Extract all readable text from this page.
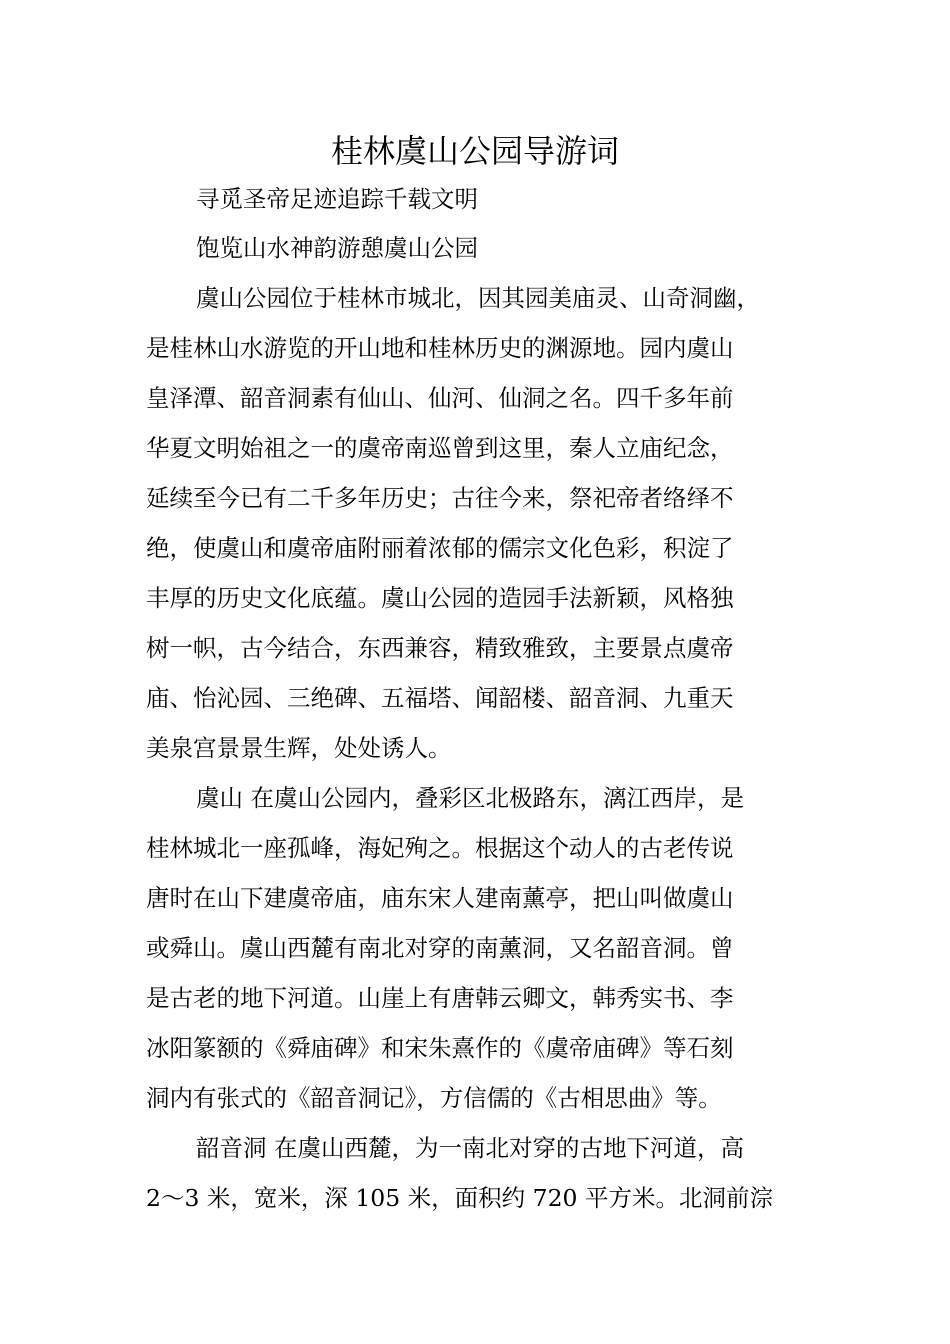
桂林虞山公园导游词

寻觅圣帝足迹追踪千载文明

饱览山水神韵游憩虞山公园

虞山公园位于桂林市城北，因其园美庙灵、山奇洞幽，

是桂林山水游览的开山地和桂林历史的渊源地。园内虞山

皇泽潭、韶音洞素有仙山、仙河、仙洞之名。四千多年前

华夏文明始祖之一的虞帝南巡曾到这里，秦人立庙纪念，

延续至今已有二千多年历史；古往今来，祭祀帝者络绎不

绝，使虞山和虞帝庙附丽着浓郁的儒宗文化色彩，积淀了

丰厚的历史文化底蕴。虞山公园的造园手法新颖，风格独

树一帜，古今结合，东西兼容，精致雅致，主要景点虞帝

庙、怡沁园、三绝碑、五福塔、闻韶楼、韶音洞、九重天

美泉宫景景生辉，处处诱人。

虞山 在虞山公园内，叠彩区北极路东，漓江西岸，是

桂林城北一座孤峰，海妃殉之。根据这个动人的古老传说

唐时在山下建虞帝庙，庙东宋人建南薰亭，把山叫做虞山

或舜山。虞山西麓有南北对穿的南薰洞，又名韶音洞。曾

是古老的地下河道。山崖上有唐韩云卿文，韩秀实书、李

冰阳篆额的《舜庙碑》和宋朱熹作的《虞帝庙碑》等石刻

洞内有张式的《韶音洞记》，方信儒的《古相思曲》等。

韶音洞 在虞山西麓，为一南北对穿的古地下河道，高

2～3 米，宽米，深 105 米，面积约 720 平方米。北洞前淙
